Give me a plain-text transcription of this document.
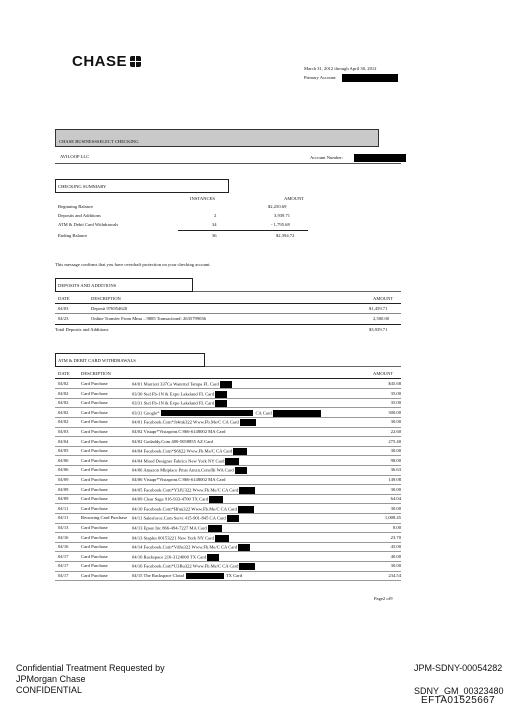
CHASE	March 31, 2012 through April 30, 2012
Primary Account:
CHASE BUSINESSSELECT CHECKING
AVILOOP LLC	Account Number:
CHECKING SUMMARY
INSTANCES	AMOUNT
Beginning Balance	$2,250.69
Deposits and Additions	2	3,939.71
ATM & Debit Card Withdrawals	34	- 1,795.68
Ending Balance	36	$2,394.72
This message confirms that you have overdraft protection on your checking account.
DEPOSITS AND ADDITIONS
DATE	DESCRIPTION	AMOUNT
04/03	Deposit 976954620	$1,459.71
04/23	Online Transfer From Mma ...9885 Transaction#: 2635799036	2,500.00
Total Deposits and Additions	$3,939.71
ATM & DEBIT CARD WITHDRAWALS
DATE DESCRIPTION	AMOUNT
04/02	Card Purchase	04/01 Marriott 337Ca Wanrmd Tampa FL Card	$45.68
04/02	Card Purchase	03/30 Stel Fb-1N & Expo Lakeland FL Card	35.00
04/02	Card Purchase	03/31 Stel Fb-1N & Expo Lakeland FL Card	35.00
04/02	Card Purchase	03/31 Google*	CA Card	300.00
04/02	Card Purchase	04/01 Facebook.Com*Jt4mk322 Www.Fb.Me/C CA Card	30.00
04/03	Card Purchase	04/02 Vistapr*Vistaprint.C 866-6148002 MA Card	22.60
04/04	Card Purchase	04/02 Godaddy.Com 480-5058855 AZ Card	275.40
04/05	Card Purchase	04/04 Facebook.Com*S6622 Www.Fb.Me/C CA Card	30.00
04/06	Card Purchase	04/04 Mood Designer Fabrics New York NY Card	98.00
04/06	Card Purchase	04/06 Amazon Mktplace Pmts Amzn.Com/Bi WA Card	36.63
04/09	Card Purchase	04/06 Vistapr*Vistaprint.C 866-6148002 MA Card	149.08
04/09	Card Purchase	04/05 Facebook.Com*Y3JU322 Www.Fb.Me/C CA Card	30.00
04/09	Card Purchase	04/09 Clear Sage 916-933-4700 TX Card	64.04
04/11	Card Purchase	04/10 Facebook.Com*Hfuu322 Www.Fb.Me/C CA Card	30.00
04/11	Recurring Card Purchase 04/11 Salesforce.Com Servi 415-901-845 CA Card	1,008.45
04/13	Card Purchase	04/13 Epsar Inc 866-494-7227 MA Card	8.00
04/16	Card Purchase	04/13 Staples 00153221 New York NY Card	23.70
04/16	Card Purchase	04/14 Facebook.Com*Vdhs322 Www.Fb.Me/C CA Card	45.00
04/17	Card Purchase	04/16 Rackspace 210-3124000 TX Card	40.00
04/17	Card Purchase	04/16 Facebook.Com*U3Bu322 Www.Fb.Me/C CA Card	30.00
04/17	Card Purchase	04/15 The Rackspace Cloud	TX Card	234.54
Page2 of9
Confidential Treatment Requested by
JPMorgan Chase
CONFIDENTIAL
JPM-SDNY-00054282
SDNY_GM_00323480
EFTA01525667
